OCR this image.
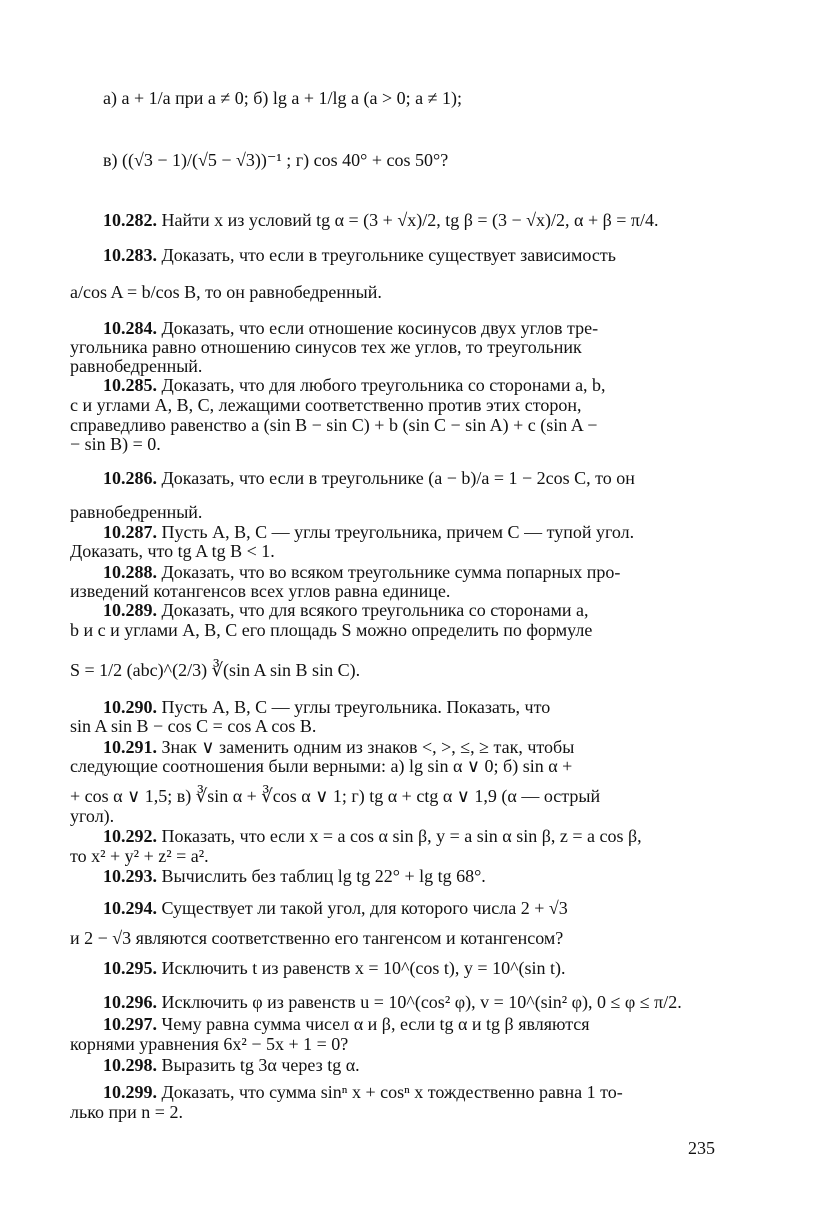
а) a + 1/a при a ≠ 0; б) lg a + 1/lg a (a > 0; a ≠ 1);
в) ((√3 − 1)/(√5 − √3))⁻¹ ; г) cos 40° + cos 50°?
10.282. Найти x из условий tg α = (3 + √x)/2, tg β = (3 − √x)/2, α + β = π/4.
10.283. Доказать, что если в треугольнике существует зависимость
a/cos A = b/cos B, то он равнобедренный.
10.284. Доказать, что если отношение косинусов двух углов тре-
угольника равно отношению синусов тех же углов, то треугольник
равнобедренный.
10.285. Доказать, что для любого треугольника со сторонами a, b,
c и углами A, B, C, лежащими соответственно против этих сторон,
справедливо равенство a (sin B − sin C) + b (sin C − sin A) + c (sin A −
− sin B) = 0.
10.286. Доказать, что если в треугольнике (a − b)/a = 1 − 2cos C, то он
равнобедренный.
10.287. Пусть A, B, C — углы треугольника, причем C — тупой угол.
Доказать, что tg A tg B < 1.
10.288. Доказать, что во всяком треугольнике сумма попарных про-
изведений котангенсов всех углов равна единице.
10.289. Доказать, что для всякого треугольника со сторонами a,
b и c и углами A, B, C его площадь S можно определить по формуле
S = 1/2 (abc)^(2/3) ∛(sin A sin B sin C).
10.290. Пусть A, B, C — углы треугольника. Показать, что
sin A sin B − cos C = cos A cos B.
10.291. Знак ∨ заменить одним из знаков <, >, ≤, ≥ так, чтобы
следующие соотношения были верными: а) lg sin α ∨ 0; б) sin α +
+ cos α ∨ 1,5; в) ∛sin α + ∛cos α ∨ 1; г) tg α + ctg α ∨ 1,9 (α — острый
угол).
10.292. Показать, что если x = a cos α sin β, y = a sin α sin β, z = a cos β,
то x² + y² + z² = a².
10.293. Вычислить без таблиц lg tg 22° + lg tg 68°.
10.294. Существует ли такой угол, для которого числа 2 + √3
и 2 − √3 являются соответственно его тангенсом и котангенсом?
10.295. Исключить t из равенств x = 10^(cos t), y = 10^(sin t).
10.296. Исключить φ из равенств u = 10^(cos² φ), v = 10^(sin² φ), 0 ≤ φ ≤ π/2.
10.297. Чему равна сумма чисел α и β, если tg α и tg β являются
корнями уравнения 6x² − 5x + 1 = 0?
10.298. Выразить tg 3α через tg α.
10.299. Доказать, что сумма sinⁿ x + cosⁿ x тождественно равна 1 то-
лько при n = 2.
235
